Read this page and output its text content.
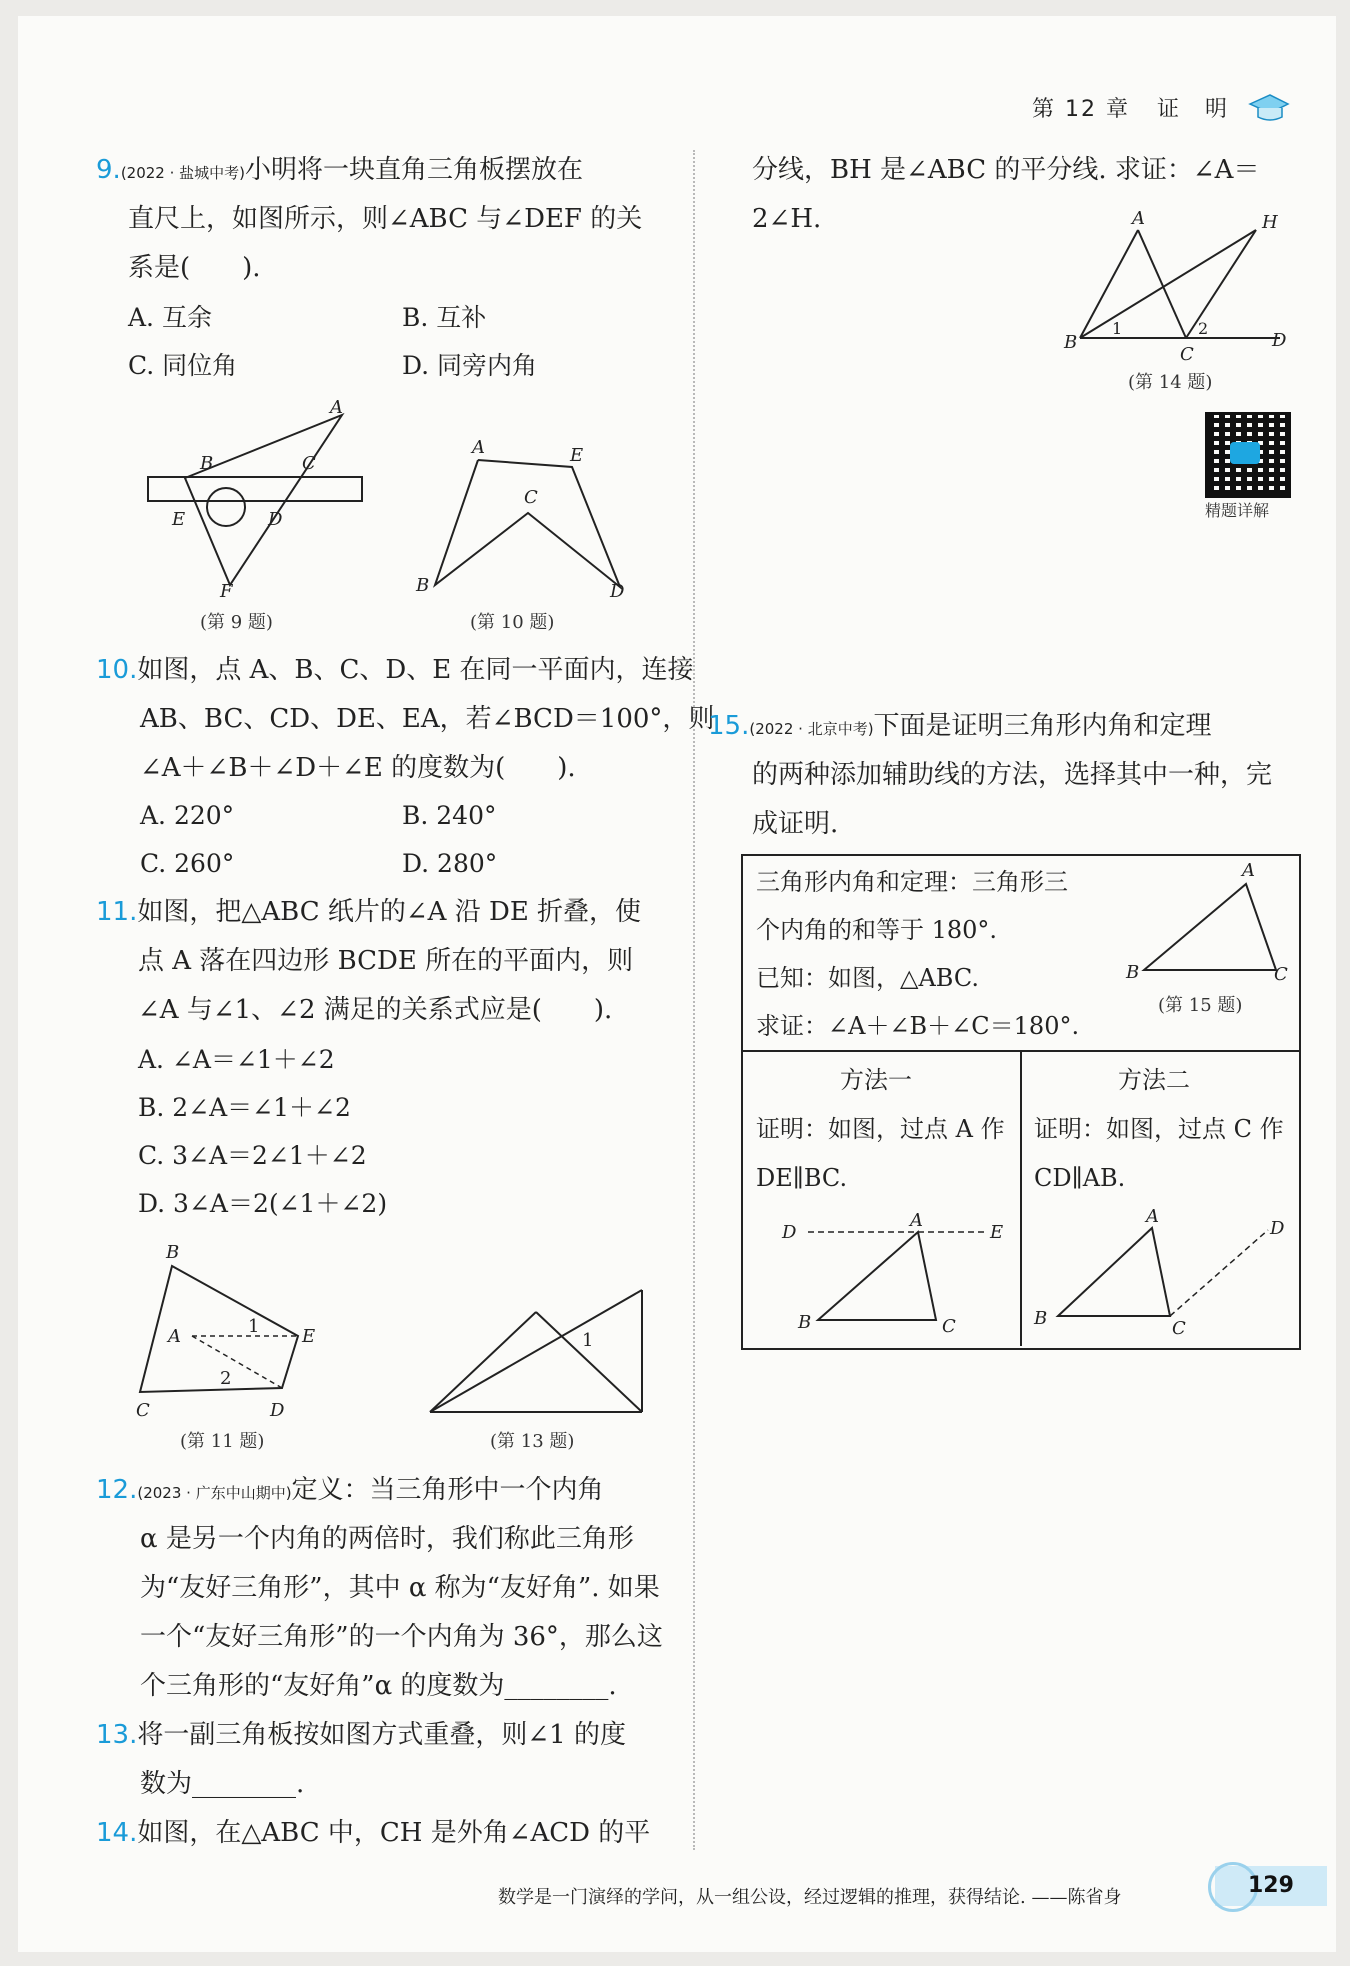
第 12 章 证　明
9.(2022 · 盐城中考)小明将一块直角三角板摆放在
直尺上，如图所示，则∠ABC 与∠DEF 的关
系是(　　).
A. 互余	B. 互补
C. 同位角	D. 同旁内角
A
B	C
E	D
F
(第 9 题)
A	E
C
B	D
(第 10 题)
10.如图，点 A、B、C、D、E 在同一平面内，连接
AB、BC、CD、DE、EA，若∠BCD＝100°，则
∠A＋∠B＋∠D＋∠E 的度数为(　　).
A. 220°	B. 240°
C. 260°	D. 280°
11.如图，把△ABC 纸片的∠A 沿 DE 折叠，使
点 A 落在四边形 BCDE 所在的平面内，则
∠A 与∠1、∠2 满足的关系式应是(　　).
A. ∠A＝∠1＋∠2
B. 2∠A＝∠1＋∠2
C. 3∠A＝2∠1＋∠2
D. 3∠A＝2(∠1＋∠2)
B
A	E
1
2
C	D
(第 11 题)
1
(第 13 题)
12.(2023 · 广东中山期中)定义：当三角形中一个内角
α 是另一个内角的两倍时，我们称此三角形
为“友好三角形”，其中 α 称为“友好角”. 如果
一个“友好三角形”的一个内角为 36°，那么这
个三角形的“友好角”α 的度数为________.
13.将一副三角板按如图方式重叠，则∠1 的度
数为________.
14.如图，在△ABC 中，CH 是外角∠ACD 的平
分线，BH 是∠ABC 的平分线. 求证：∠A＝
2∠H.	A	H
B
C
D
1	2
(第 14 题)
精题详解
15.(2022 · 北京中考)下面是证明三角形内角和定理
的两种添加辅助线的方法，选择其中一种，完
成证明.
三角形内角和定理：三角形三
个内角的和等于 180°.
已知：如图，△ABC.
求证：∠A＋∠B＋∠C＝180°.
A
B	C
(第 15 题)
方法一
证明：如图，过点 A 作
DE∥BC.
A
D	E
B	C
方法二
证明：如图，过点 C 作
CD∥AB.
A
B	C
D
数学是一门演绎的学问，从一组公设，经过逻辑的推理，获得结论. ——陈省身	129
